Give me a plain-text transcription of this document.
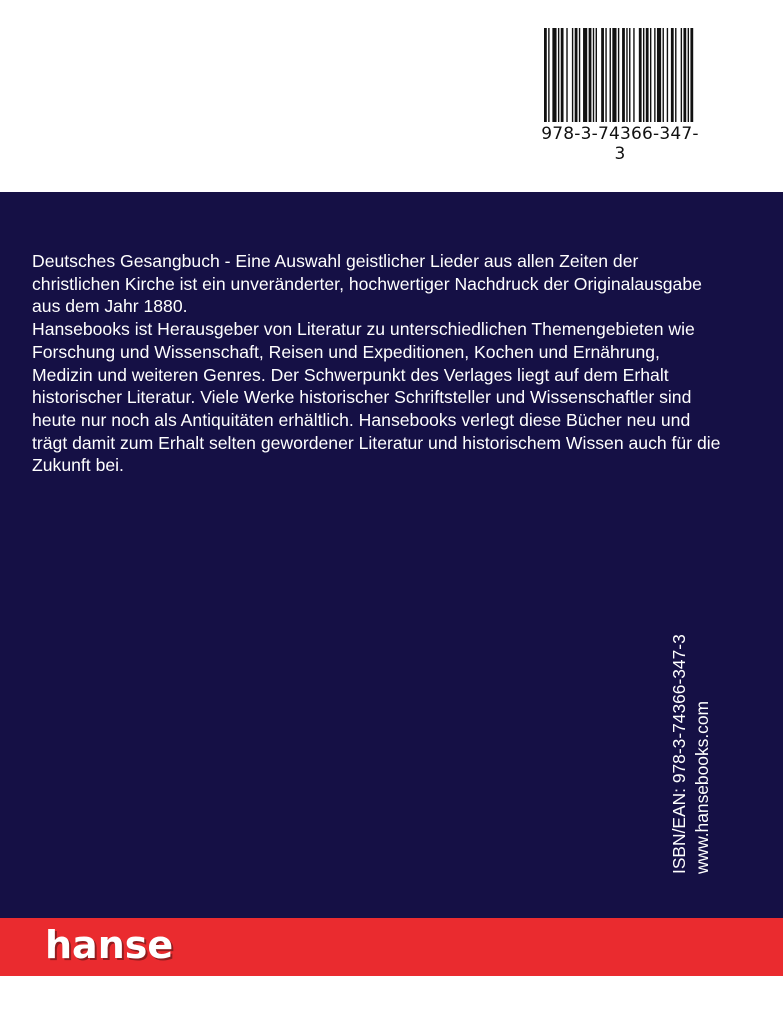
978-3-74366-347-3

Deutsches Gesangbuch - Eine Auswahl geistlicher Lieder aus allen Zeiten der christlichen Kirche ist ein unveränderter, hochwertiger Nachdruck der Originalausgabe aus dem Jahr 1880.

Hansebooks ist Herausgeber von Literatur zu unterschiedlichen Themengebieten wie Forschung und Wissenschaft, Reisen und Expeditionen, Kochen und Ernährung, Medizin und weiteren Genres. Der Schwerpunkt des Verlages liegt auf dem Erhalt historischer Literatur. Viele Werke historischer Schriftsteller und Wissenschaftler sind heute nur noch als Antiquitäten erhältlich. Hansebooks verlegt diese Bücher neu und trägt damit zum Erhalt selten gewordener Literatur und historischem Wissen auch für die Zukunft bei.

ISBN/EAN: 978-3-74366-347-3 www.hansebooks.com
hanse
